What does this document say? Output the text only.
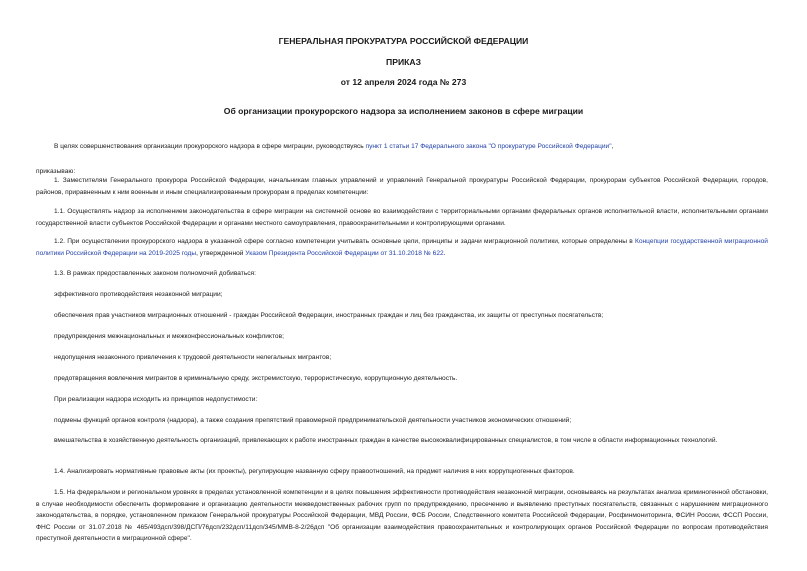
ГЕНЕРАЛЬНАЯ ПРОКУРАТУРА РОССИЙСКОЙ ФЕДЕРАЦИИ
ПРИКАЗ
от 12 апреля 2024 года № 273
Об организации прокурорского надзора за исполнением законов в сфере миграции

В целях совершенствования организации прокурорского надзора в сфере миграции, руководствуясь пункт 1 статьи 17 Федерального закона "О прокуратуре Российской Федерации",

приказываю:

1. Заместителям Генерального прокурора Российской Федерации, начальникам главных управлений и управлений Генеральной прокуратуры Российской Федерации, прокурорам субъектов Российской Федерации, городов, районов, приравненным к ним военным и иным специализированным прокурорам в пределах компетенции:

1.1. Осуществлять надзор за исполнением законодательства в сфере миграции на системной основе во взаимодействии с территориальными органами федеральных органов исполнительной власти, исполнительными органами государственной власти субъектов Российской Федерации и органами местного самоуправления, правоохранительными и контролирующими органами.

1.2. При осуществлении прокурорского надзора в указанной сфере согласно компетенции учитывать основные цели, принципы и задачи миграционной политики, которые определены в Концепции государственной миграционной политики Российской Федерации на 2019-2025 годы, утвержденной Указом Президента Российской Федерации от 31.10.2018 № 622.

1.3. В рамках предоставленных законом полномочий добиваться:

эффективного противодействия незаконной миграции;

обеспечения прав участников миграционных отношений - граждан Российской Федерации, иностранных граждан и лиц без гражданства, их защиты от преступных посягательств;

предупреждения межнациональных и межконфессиональных конфликтов;

недопущения незаконного привлечения к трудовой деятельности нелегальных мигрантов;

предотвращения вовлечения мигрантов в криминальную среду, экстремистскую, террористическую, коррупционную деятельность.

При реализации надзора исходить из принципов недопустимости:

подмены функций органов контроля (надзора), а также создания препятствий правомерной предпринимательской деятельности участников экономических отношений;

вмешательства в хозяйственную деятельность организаций, привлекающих к работе иностранных граждан в качестве высококвалифицированных специалистов, в том числе в области информационных технологий.

1.4. Анализировать нормативные правовые акты (их проекты), регулирующие названную сферу правоотношений, на предмет наличия в них коррупциогенных факторов.

1.5. На федеральном и региональном уровнях в пределах установленной компетенции и в целях повышения эффективности противодействия незаконной миграции, основываясь на результатах анализа криминогенной обстановки, в случае необходимости обеспечить формирование и организацию деятельности межведомственных рабочих групп по предупреждению, пресечению и выявлению преступных посягательств, связанных с нарушением миграционного законодательства, в порядке, установленном приказом Генеральной прокуратуры Российской Федерации, МВД России, ФСБ России, Следственного комитета Российской Федерации, Росфинмониторинга, ФСИН России, ФССП России, ФНС России от 31.07.2018 № 465/493дсп/398/ДСП/76дсп/232дсп/11дсп/345/ММВ-8-2/26дсп "Об организации взаимодействия правоохранительных и контролирующих органов Российской Федерации по вопросам противодействия преступной деятельности в миграционной сфере".
